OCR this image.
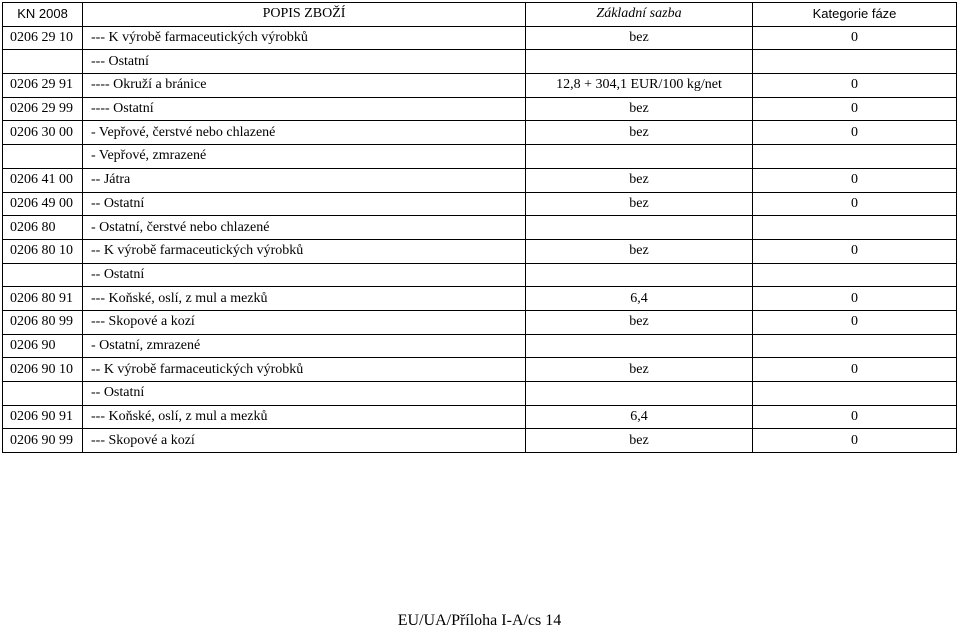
KN 2008	POPIS ZBOŽÍ	Základní sazba	Kategorie fáze
0206 29 10	--- K výrobě farmaceutických výrobků	bez	0
	--- Ostatní		
0206 29 91	---- Okruží a bránice	12,8 + 304,1 EUR/100 kg/net	0
0206 29 99	---- Ostatní	bez	0
0206 30 00	- Vepřové, čerstvé nebo chlazené	bez	0
	- Vepřové, zmrazené		
0206 41 00	-- Játra	bez	0
0206 49 00	-- Ostatní	bez	0
0206 80	- Ostatní, čerstvé nebo chlazené		
0206 80 10	-- K výrobě farmaceutických výrobků	bez	0
	-- Ostatní		
0206 80 91	--- Koňské, oslí, z mul a mezků	6,4	0
0206 80 99	--- Skopové a kozí	bez	0
0206 90	- Ostatní, zmrazené		
0206 90 10	-- K výrobě farmaceutických výrobků	bez	0
	-- Ostatní		
0206 90 91	--- Koňské, oslí, z mul a mezků	6,4	0
0206 90 99	--- Skopové a kozí	bez	0
EU/UA/Příloha I-A/cs 14
